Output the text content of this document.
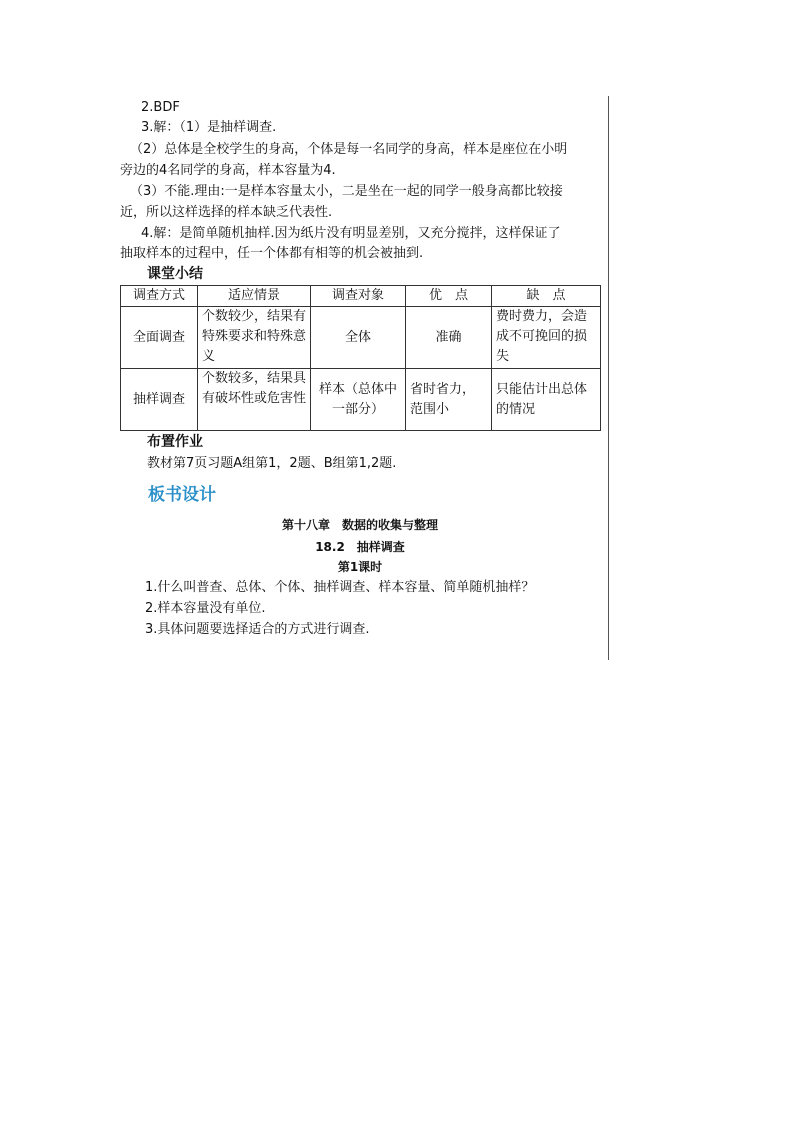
2.BDF
3.解：（1）是抽样调查.
（2）总体是全校学生的身高，个体是每一名同学的身高，样本是座位在小明
旁边的4名同学的身高，样本容量为4.
（3）不能.理由:一是样本容量太小，二是坐在一起的同学一般身高都比较接
近，所以这样选择的样本缺乏代表性.
4.解：是简单随机抽样.因为纸片没有明显差别，又充分搅拌，这样保证了
抽取样本的过程中，任一个体都有相等的机会被抽到.
课堂小结
调查方式	适应情景	调查对象	优　点	缺　点
全面调查	个数较少，结果有特殊要求和特殊意义	全体	准确	费时费力，会造成不可挽回的损失
抽样调查	个数较多，结果具有破坏性或危害性	样本（总体中一部分）	省时省力，范围小	只能估计出总体的情况
布置作业
教材第7页习题A组第1，2题、B组第1,2题.
板书设计
第十八章　数据的收集与整理
18.2　抽样调查
第1课时
1.什么叫普查、总体、个体、抽样调查、样本容量、简单随机抽样？
2.样本容量没有单位.
3.具体问题要选择适合的方式进行调查.
